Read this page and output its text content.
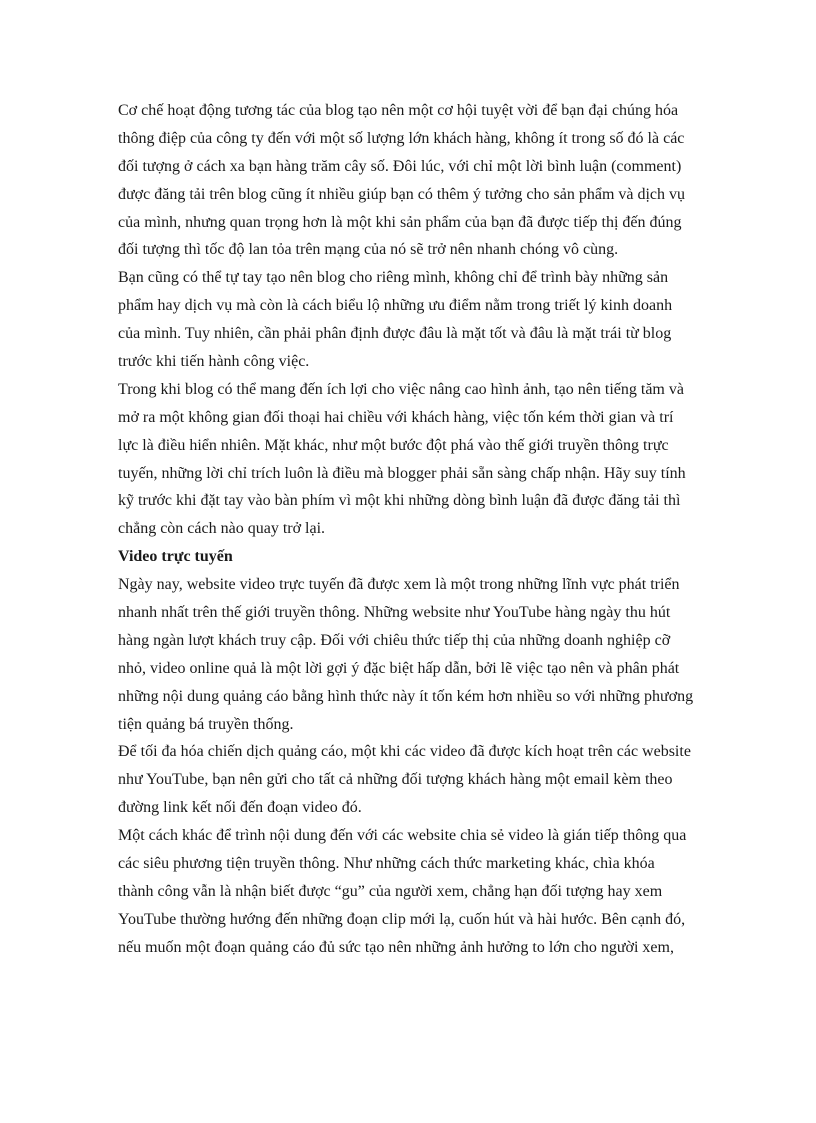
Cơ chế hoạt động tương tác của blog tạo nên một cơ hội tuyệt vời để bạn đại chúng hóa
thông điệp của công ty đến với một số lượng lớn khách hàng, không ít trong số đó là các
đối tượng ở cách xa bạn hàng trăm cây số. Đôi lúc, với chỉ một lời bình luận (comment)
được đăng tải trên blog cũng ít nhiều giúp bạn có thêm ý tưởng cho sản phẩm và dịch vụ
của mình, nhưng quan trọng hơn là một khi sản phẩm của bạn đã được tiếp thị đến đúng
đối tượng thì tốc độ lan tỏa trên mạng của nó sẽ trở nên nhanh chóng vô cùng.
Bạn cũng có thể tự tay tạo nên blog cho riêng mình, không chỉ để trình bày những sản
phẩm hay dịch vụ mà còn là cách biểu lộ những ưu điểm nằm trong triết lý kinh doanh
của mình. Tuy nhiên, cần phải phân định được đâu là mặt tốt và đâu là mặt trái từ blog
trước khi tiến hành công việc.
Trong khi blog có thể mang đến ích lợi cho việc nâng cao hình ảnh, tạo nên tiếng tăm và
mở ra một không gian đối thoại hai chiều với khách hàng, việc tốn kém thời gian và trí
lực là điều hiển nhiên. Mặt khác, như một bước đột phá vào thế giới truyền thông trực
tuyến, những lời chỉ trích luôn là điều mà blogger phải sẵn sàng chấp nhận. Hãy suy tính
kỹ trước khi đặt tay vào bàn phím vì một khi những dòng bình luận đã được đăng tải thì
chẳng còn cách nào quay trở lại.
Video trực tuyến
Ngày nay, website video trực tuyến đã được xem là một trong những lĩnh vực phát triển
nhanh nhất trên thế giới truyền thông. Những website như YouTube hàng ngày thu hút
hàng ngàn lượt khách truy cập. Đối với chiêu thức tiếp thị của những doanh nghiệp cỡ
nhỏ, video online quả là một lời gợi ý đặc biệt hấp dẫn, bởi lẽ việc tạo nên và phân phát
những nội dung quảng cáo bằng hình thức này ít tốn kém hơn nhiều so với những phương
tiện quảng bá truyền thống.
Để tối đa hóa chiến dịch quảng cáo, một khi các video đã được kích hoạt trên các website
như YouTube, bạn nên gửi cho tất cả những đối tượng khách hàng một email kèm theo
đường link kết nối đến đoạn video đó.
Một cách khác để trình nội dung đến với các website chia sẻ video là gián tiếp thông qua
các siêu phương tiện truyền thông. Như những cách thức marketing khác, chìa khóa
thành công vẫn là nhận biết được “gu” của người xem, chẳng hạn đối tượng hay xem
YouTube thường hướng đến những đoạn clip mới lạ, cuốn hút và hài hước. Bên cạnh đó,
nếu muốn một đoạn quảng cáo đủ sức tạo nên những ảnh hưởng to lớn cho người xem,
